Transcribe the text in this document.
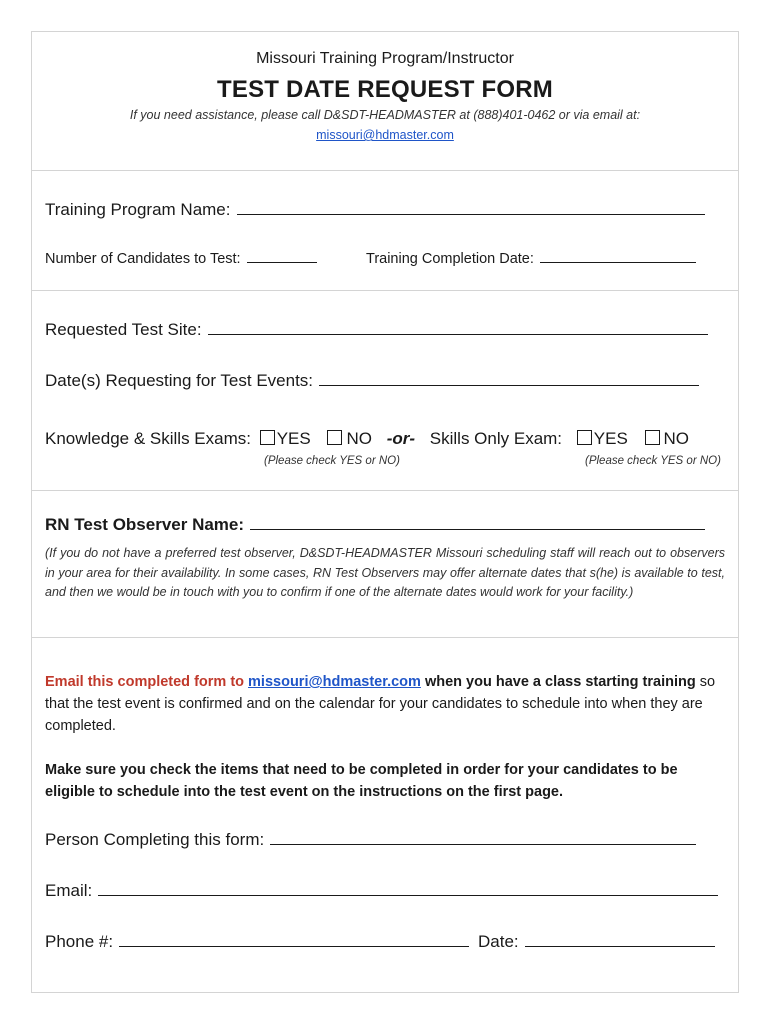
Missouri Training Program/Instructor
TEST DATE REQUEST FORM
If you need assistance, please call D&SDT-HEADMASTER at (888)401-0462 or via email at:
missouri@hdmaster.com
Training Program Name:
Number of Candidates to Test:	Training Completion Date:
Requested Test Site:
Date(s) Requesting for Test Events:
Knowledge & Skills Exams: YES NO -or- Skills Only Exam: YES NO
(Please check YES or NO)	(Please check YES or NO)
RN Test Observer Name:
(If you do not have a preferred test observer, D&SDT-HEADMASTER Missouri scheduling staff will reach out to observers in your area for their availability. In some cases, RN Test Observers may offer alternate dates that s(he) is available to test, and then we would be in touch with you to confirm if one of the alternate dates would work for your facility.)
Email this completed form to missouri@hdmaster.com when you have a class starting training so that the test event is confirmed and on the calendar for your candidates to schedule into when they are completed.
Make sure you check the items that need to be completed in order for your candidates to be eligible to schedule into the test event on the instructions on the first page.
Person Completing this form:
Email:
Phone #:	Date:
